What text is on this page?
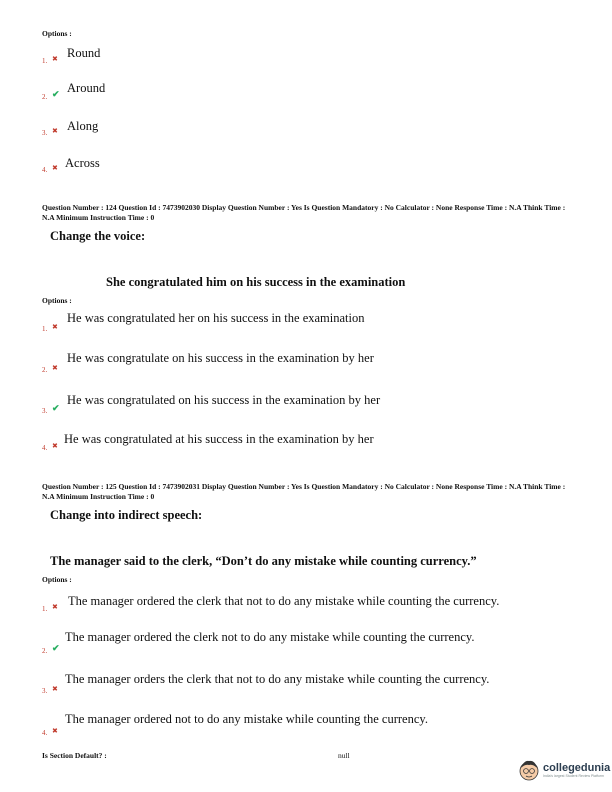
Options :
1. ✖ Round
2. ✔ Around
3. ✖ Along
4. ✖ Across
Question Number : 124 Question Id : 7473902030 Display Question Number : Yes Is Question Mandatory : No Calculator : None Response Time : N.A Think Time : N.A Minimum Instruction Time : 0
Change the voice:
She congratulated him on his success in the examination
Options :
1. ✖
He was congratulated her on his success in the examination
2. ✖
He was congratulate on his success in the examination by her
3. ✔
He was congratulated on his success in the examination by her
4. ✖ He was congratulated at his success in the examination by her
Question Number : 125 Question Id : 7473902031 Display Question Number : Yes Is Question Mandatory : No Calculator : None Response Time : N.A Think Time : N.A Minimum Instruction Time : 0
Change into indirect speech:
The manager said to the clerk, “Don’t do any mistake while counting currency.”
Options :
1. ✖ The manager ordered the clerk that not to do any mistake while counting the currency.
2. ✔
The manager ordered the clerk not to do any mistake while counting the currency.
3. ✖
The manager orders the clerk that not to do any mistake while counting the currency.
4. ✖
The manager ordered not to do any mistake while counting the currency.
Is Section Default? :	null
collegedunia
India's largest Student Review Platform
